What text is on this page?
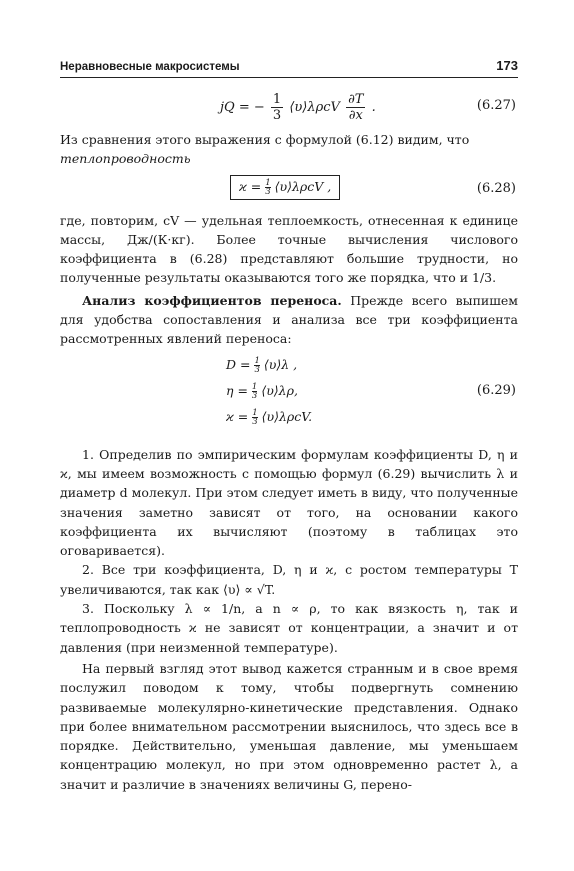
Неравновесные макросистемы	173
jQ = − $\frac{1}{3}$ ⟨υ⟩λρcV $\frac{\partial T}{\partial x}$ .	(6.27)

Из сравнения этого выражения с формулой (6.12) видим, что
теплопроводность

$ϰ = \frac{1}{3}$ ⟨υ⟩λρcV ,	(6.28)

где, повторим, cV — удельная теплоемкость, отнесенная к единице массы, Дж/(К·кг). Более точные вычисления числового коэффициента в (6.28) представляют большие трудности, но полученные результаты оказываются того же порядка, что и 1/3.

Анализ коэффициентов переноса. Прежде всего выпишем для удобства сопоставления и анализа все три коэффициента рассмотренных явлений переноса:

$D = \frac{1}{3}$ ⟨υ⟩λ ,
$\eta = \frac{1}{3}$ ⟨υ⟩λρ,
$ϰ = \frac{1}{3}$ ⟨υ⟩λρcV.
(6.29)

1. Определив по эмпирическим формулам коэффициенты D, η и ϰ, мы имеем возможность с помощью формул (6.29) вычислить λ и диаметр d молекул. При этом следует иметь в виду, что полученные значения заметно зависят от того, на основании какого коэффициента их вычисляют (поэтому в таблицах это оговаривается).

2. Все три коэффициента, D, η и ϰ, с ростом температуры T увеличиваются, так как ⟨υ⟩ ∝ √T.

3. Поскольку λ ∝ 1/n, а n ∝ ρ, то как вязкость η, так и теплопроводность ϰ не зависят от концентрации, а значит и от давления (при неизменной температуре).

На первый взгляд этот вывод кажется странным и в свое время послужил поводом к тому, чтобы подвергнуть сомнению развиваемые молекулярно-кинетические представления. Однако при более внимательном рассмотрении выяснилось, что здесь все в порядке. Действительно, уменьшая давление, мы уменьшаем концентрацию молекул, но при этом одновременно растет λ, а значит и различие в значениях величины G, перено-
